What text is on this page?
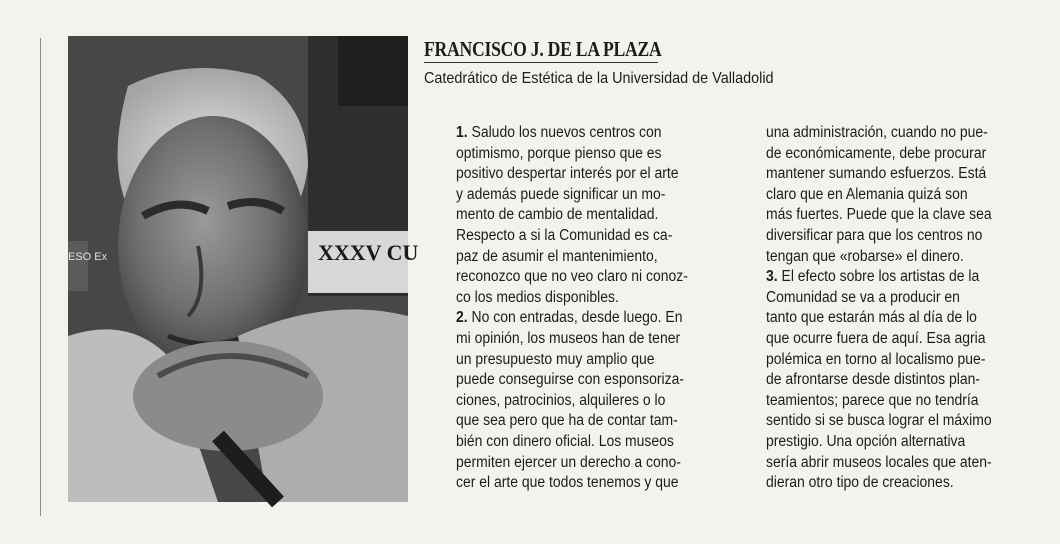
XXXV CU
ESO Ex
FRANCISCO J. DE LA PLAZA
Catedrático de Estética de la Universidad de Valladolid
1. Saludo los nuevos centros con
optimismo, porque pienso que es
positivo despertar interés por el arte
y además puede significar un mo-
mento de cambio de mentalidad.
Respecto a si la Comunidad es ca-
paz de asumir el mantenimiento,
reconozco que no veo claro ni conoz-
co los medios disponibles.
2. No con entradas, desde luego. En
mi opinión, los museos han de tener
un presupuesto muy amplio que
puede conseguirse con esponsoriza-
ciones, patrocinios, alquileres o lo
que sea pero que ha de contar tam-
bién con dinero oficial. Los museos
permiten ejercer un derecho a cono-
cer el arte que todos tenemos y que
una administración, cuando no pue-
de económicamente, debe procurar
mantener sumando esfuerzos. Está
claro que en Alemania quizá son
más fuertes. Puede que la clave sea
diversificar para que los centros no
tengan que «robarse» el dinero.
3. El efecto sobre los artistas de la
Comunidad se va a producir en
tanto que estarán más al día de lo
que ocurre fuera de aquí. Esa agria
polémica en torno al localismo pue-
de afrontarse desde distintos plan-
teamientos; parece que no tendría
sentido si se busca lograr el máximo
prestigio. Una opción alternativa
sería abrir museos locales que aten-
dieran otro tipo de creaciones.
